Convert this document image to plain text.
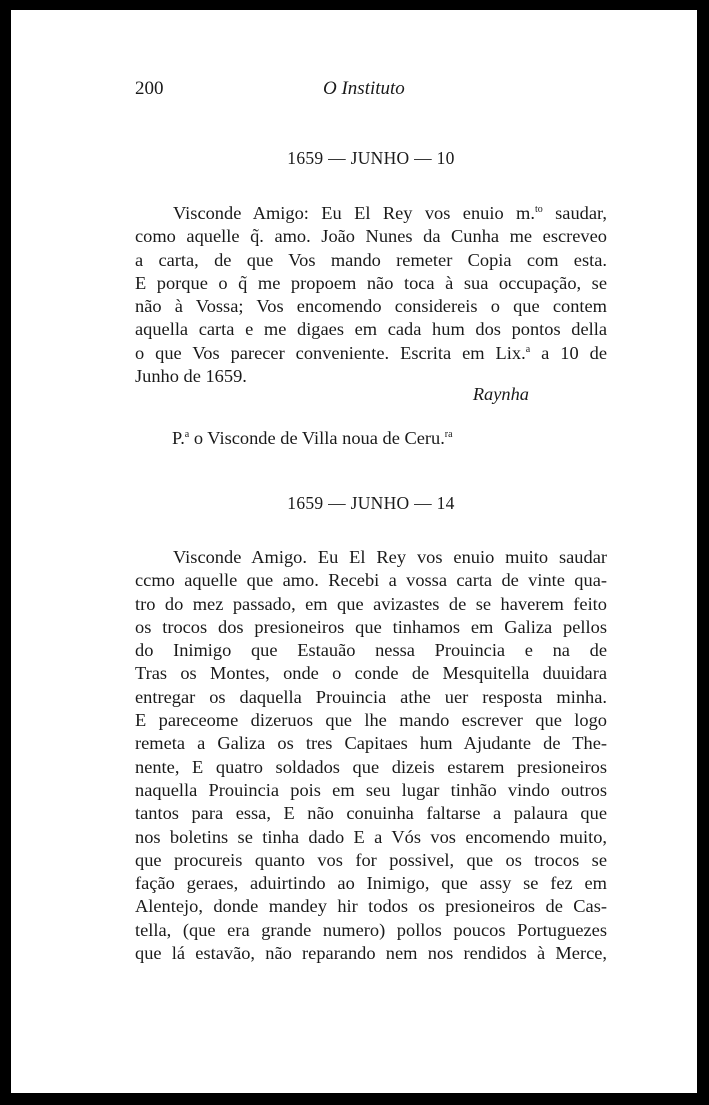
200	O Instituto
1659 — JUNHO — 10
Visconde Amigo: Eu El Rey vos enuio m.$^{to}$ saudar,
como aquelle q̃. amo. João Nunes da Cunha me escreveo
a carta, de que Vos mando remeter Copia com esta.
E porque o q̃ me propoem não toca à sua occupação, se
não à Vossa; Vos encomendo considereis o que contem
aquella carta e me digaes em cada hum dos pontos della
o que Vos parecer conveniente. Escrita em Lix.$^a$ a 10 de
Junho de 1659.
Raynha
P.$^a$ o Visconde de Villa noua de Ceru.$^{ra}$
1659 — JUNHO — 14
Visconde Amigo. Eu El Rey vos enuio muito saudar
ccmo aquelle que amo. Recebi a vossa carta de vinte qua-
tro do mez passado, em que avizastes de se haverem feito
os trocos dos presioneiros que tinhamos em Galiza pellos
do Inimigo que Estauão nessa Prouincia e na de
Tras os Montes, onde o conde de Mesquitella duuidara
entregar os daquella Prouincia athe uer resposta minha.
E pareceome dizeruos que lhe mando escrever que logo
remeta a Galiza os tres Capitaes hum Ajudante de The-
nente, E quatro soldados que dizeis estarem presioneiros
naquella Prouincia pois em seu lugar tinhão vindo outros
tantos para essa, E não conuinha faltarse a palaura que
nos boletins se tinha dado E a Vós vos encomendo muito,
que procureis quanto vos for possivel, que os trocos se
fação geraes, aduirtindo ao Inimigo, que assy se fez em
Alentejo, donde mandey hir todos os presioneiros de Cas-
tella, (que era grande numero) pollos poucos Portuguezes
que lá estavão, não reparando nem nos rendidos à Merce,
